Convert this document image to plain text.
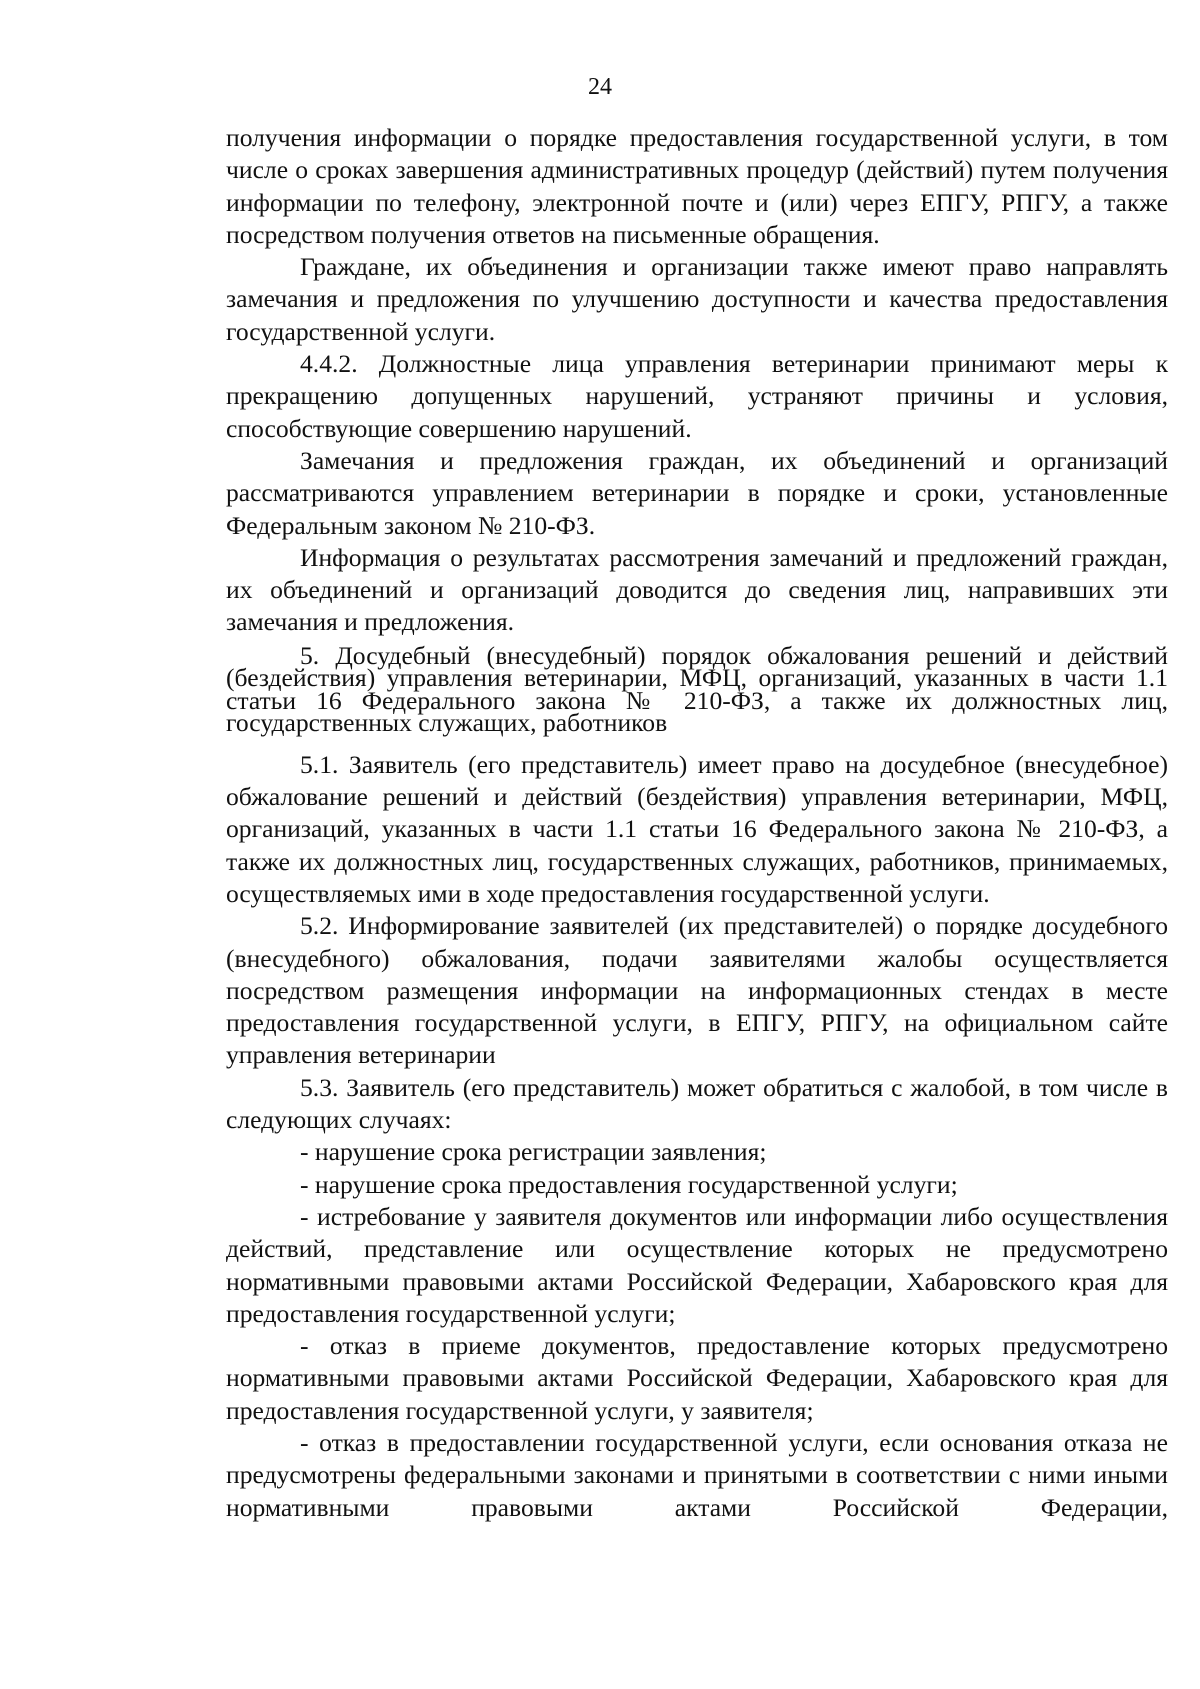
24

получения информации о порядке предоставления государственной услуги, в том числе о сроках завершения административных процедур (действий) путем получения информации по телефону, электронной почте и (или) через ЕПГУ, РПГУ, а также посредством получения ответов на письменные обращения.

Граждане, их объединения и организации также имеют право направлять замечания и предложения по улучшению доступности и качества предоставления государственной услуги.

4.4.2. Должностные лица управления ветеринарии принимают меры к прекращению допущенных нарушений, устраняют причины и условия, способствующие совершению нарушений.

Замечания и предложения граждан, их объединений и организаций рассматриваются управлением ветеринарии в порядке и сроки, установленные Федеральным законом № 210-ФЗ.

Информация о результатах рассмотрения замечаний и предложений граждан, их объединений и организаций доводится до сведения лиц, направивших эти замечания и предложения.

5. Досудебный (внесудебный) порядок обжалования решений и действий (бездействия) управления ветеринарии, МФЦ, организаций, указанных в части 1.1 статьи 16 Федерального закона № 210-ФЗ, а также их должностных лиц, государственных служащих, работников

5.1. Заявитель (его представитель) имеет право на досудебное (внесудебное) обжалование решений и действий (бездействия) управления ветеринарии, МФЦ, организаций, указанных в части 1.1 статьи 16 Федерального закона № 210-ФЗ, а также их должностных лиц, государственных служащих, работников, принимаемых, осуществляемых ими в ходе предоставления государственной услуги.

5.2. Информирование заявителей (их представителей) о порядке досудебного (внесудебного) обжалования, подачи заявителями жалобы осуществляется посредством размещения информации на информационных стендах в месте предоставления государственной услуги, в ЕПГУ, РПГУ, на официальном сайте управления ветеринарии

5.3. Заявитель (его представитель) может обратиться с жалобой, в том числе в следующих случаях:

- нарушение срока регистрации заявления;

- нарушение срока предоставления государственной услуги;

- истребование у заявителя документов или информации либо осуществления действий, представление или осуществление которых не предусмотрено нормативными правовыми актами Российской Федерации, Хабаровского края для предоставления государственной услуги;

- отказ в приеме документов, предоставление которых предусмотрено нормативными правовыми актами Российской Федерации, Хабаровского края для предоставления государственной услуги, у заявителя;

- отказ в предоставлении государственной услуги, если основания отказа не предусмотрены федеральными законами и принятыми в соответствии с ними иными нормативными правовыми актами Российской Федерации,
